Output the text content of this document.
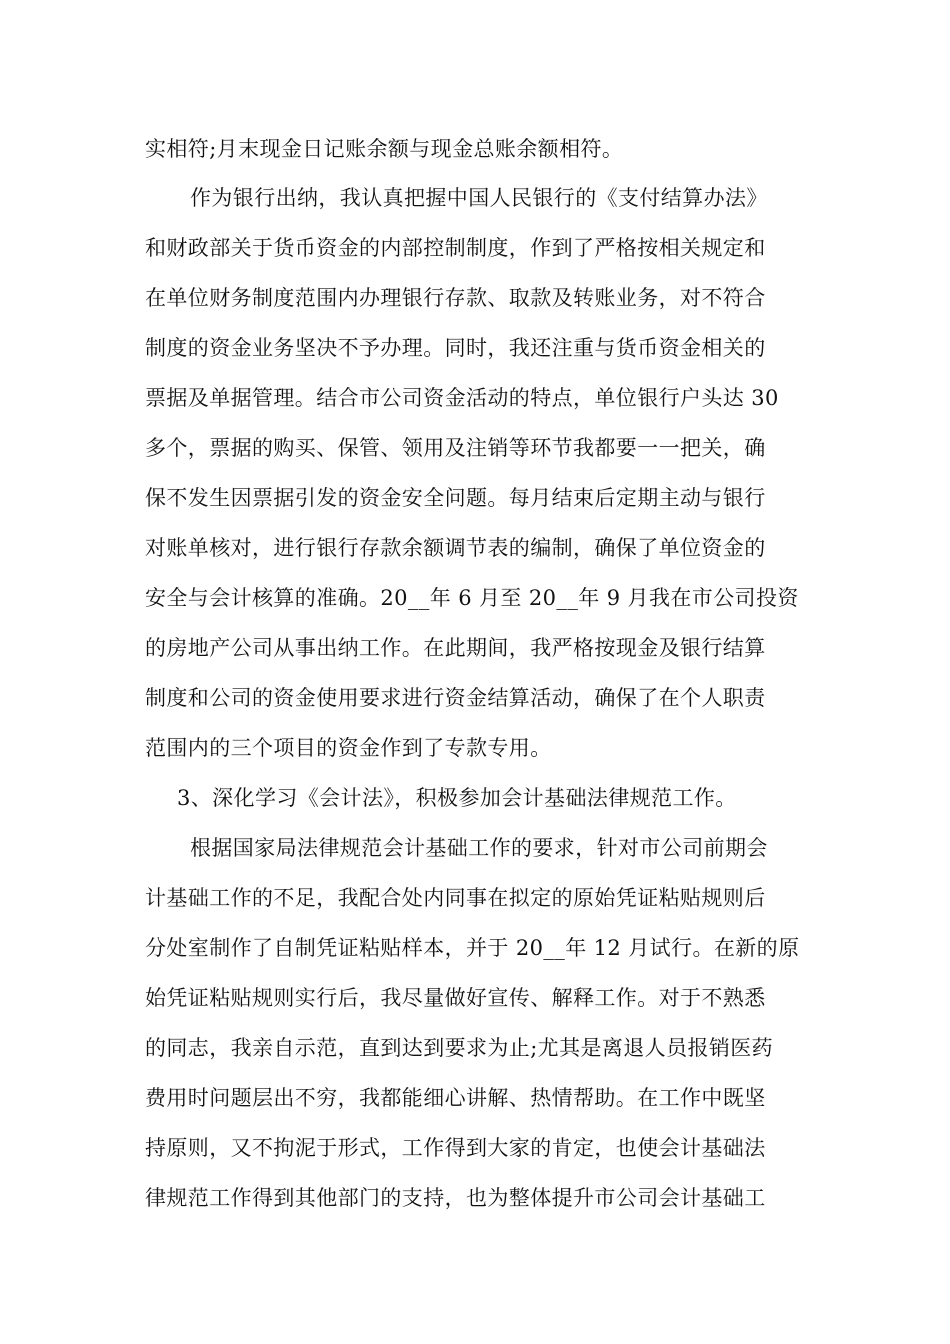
实相符;月末现金日记账余额与现金总账余额相符。
作为银行出纳，我认真把握中国人民银行的《支付结算办法》
和财政部关于货币资金的内部控制制度，作到了严格按相关规定和
在单位财务制度范围内办理银行存款、取款及转账业务，对不符合
制度的资金业务坚决不予办理。同时，我还注重与货币资金相关的
票据及单据管理。结合市公司资金活动的特点，单位银行户头达 30
多个，票据的购买、保管、领用及注销等环节我都要一一把关，确
保不发生因票据引发的资金安全问题。每月结束后定期主动与银行
对账单核对，进行银行存款余额调节表的编制，确保了单位资金的
安全与会计核算的准确。20__年 6 月至 20__年 9 月我在市公司投资
的房地产公司从事出纳工作。在此期间，我严格按现金及银行结算
制度和公司的资金使用要求进行资金结算活动，确保了在个人职责
范围内的三个项目的资金作到了专款专用。
3、深化学习《会计法》，积极参加会计基础法律规范工作。
根据国家局法律规范会计基础工作的要求，针对市公司前期会
计基础工作的不足，我配合处内同事在拟定的原始凭证粘贴规则后
分处室制作了自制凭证粘贴样本，并于 20__年 12 月试行。在新的原
始凭证粘贴规则实行后，我尽量做好宣传、解释工作。对于不熟悉
的同志，我亲自示范，直到达到要求为止;尤其是离退人员报销医药
费用时问题层出不穷，我都能细心讲解、热情帮助。在工作中既坚
持原则，又不拘泥于形式，工作得到大家的肯定，也使会计基础法
律规范工作得到其他部门的支持，也为整体提升市公司会计基础工
